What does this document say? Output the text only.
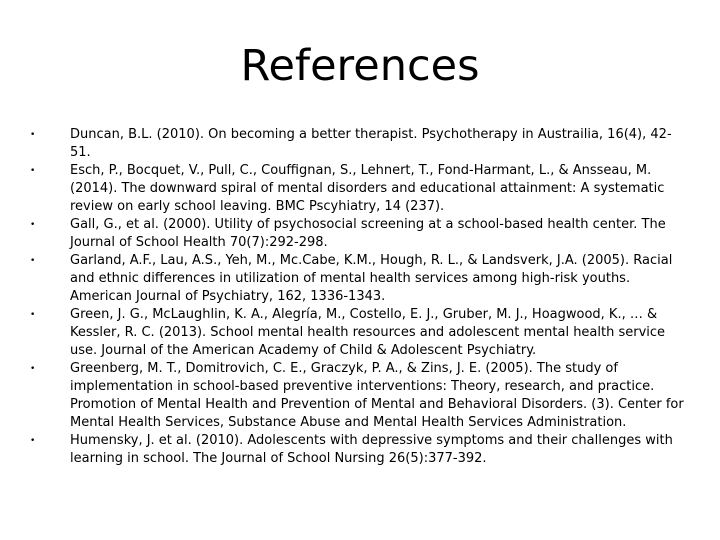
References
•	Duncan, B.L. (2010). On becoming a better therapist. Psychotherapy in Austrailia, 16(4), 42-51.
•	Esch, P., Bocquet, V., Pull, C., Couffignan, S., Lehnert, T., Fond-Harmant, L., & Ansseau, M. (2014). The downward spiral of mental disorders and educational attainment: A systematic review on early school leaving. BMC Pscyhiatry, 14 (237).
•	Gall, G., et al. (2000). Utility of psychosocial screening at a school-based health center. The Journal of School Health 70(7):292-298.
•	Garland, A.F., Lau, A.S., Yeh, M., Mc.Cabe, K.M., Hough, R. L., & Landsverk, J.A. (2005). Racial and ethnic differences in utilization of mental health services among high-risk youths. American Journal of Psychiatry, 162, 1336-1343.
•	Green, J. G., McLaughlin, K. A., Alegría, M., Costello, E. J., Gruber, M. J., Hoagwood, K., … & Kessler, R. C. (2013). School mental health resources and adolescent mental health service use. Journal of the American Academy of Child & Adolescent Psychiatry.
•	Greenberg, M. T., Domitrovich, C. E., Graczyk, P. A., & Zins, J. E. (2005). The study of implementation in school-based preventive interventions: Theory, research, and practice. Promotion of Mental Health and Prevention of Mental and Behavioral Disorders. (3). Center for Mental Health Services, Substance Abuse and Mental Health Services Administration.
•	Humensky, J. et al. (2010). Adolescents with depressive symptoms and their challenges with learning in school. The Journal of School Nursing 26(5):377-392.
